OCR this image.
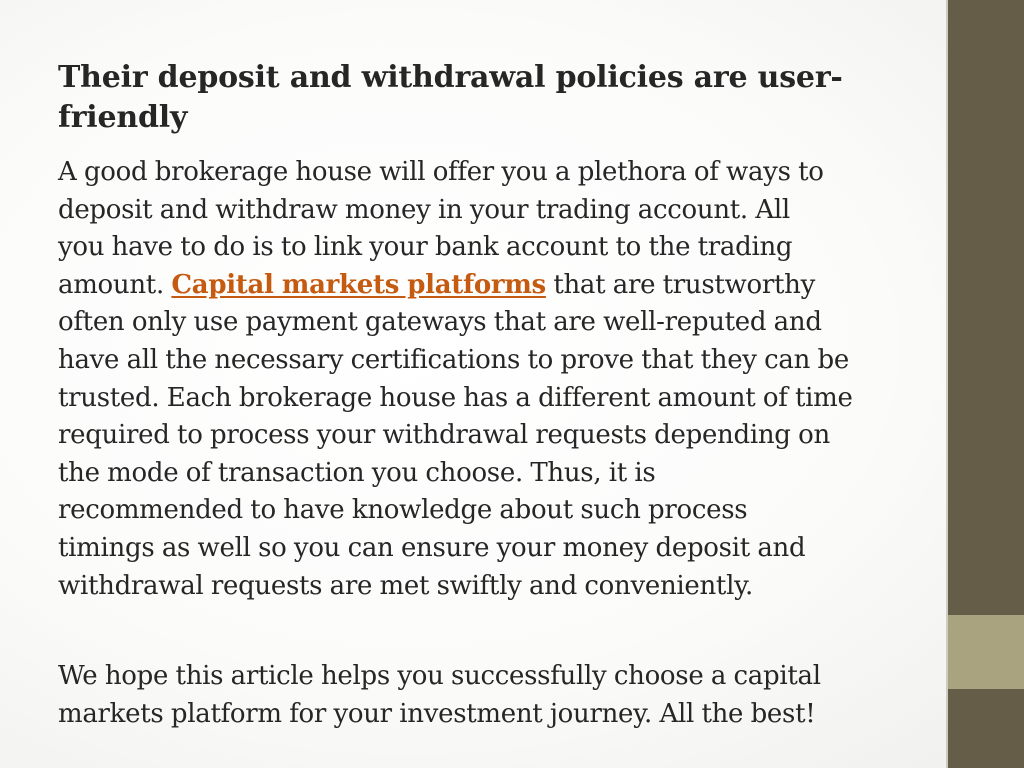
Their deposit and withdrawal policies are user-
friendly

A good brokerage house will offer you a plethora of ways to
deposit and withdraw money in your trading account. All
you have to do is to link your bank account to the trading
amount. Capital markets platforms that are trustworthy
often only use payment gateways that are well-reputed and
have all the necessary certifications to prove that they can be
trusted. Each brokerage house has a different amount of time
required to process your withdrawal requests depending on
the mode of transaction you choose. Thus, it is
recommended to have knowledge about such process
timings as well so you can ensure your money deposit and
withdrawal requests are met swiftly and conveniently.

We hope this article helps you successfully choose a capital
markets platform for your investment journey. All the best!
